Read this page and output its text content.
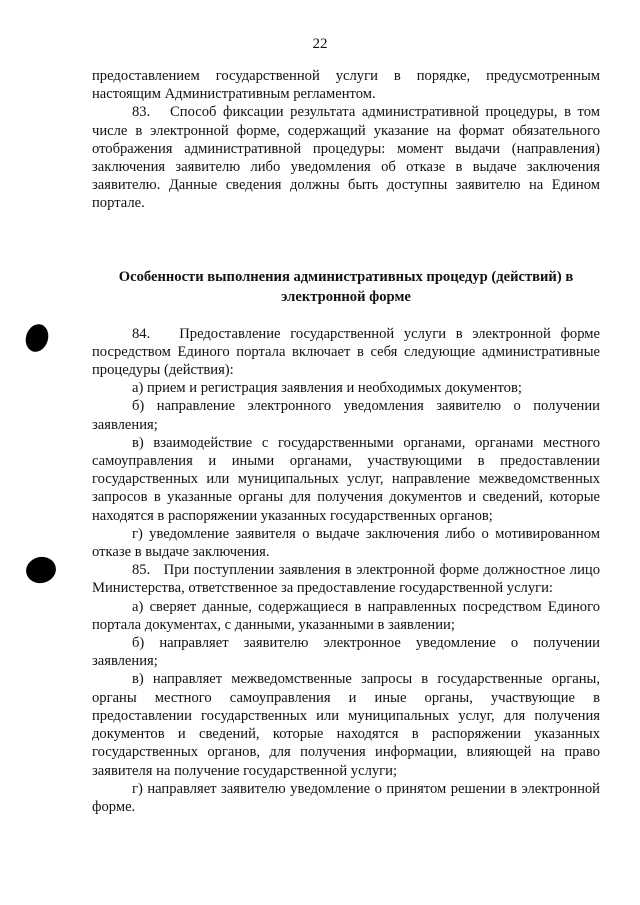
22

предоставлением государственной услуги в порядке, предусмотренным настоящим Административным регламентом.

83.   Способ фиксации результата административной процедуры, в том числе в электронной форме, содержащий указание на формат обязательного отображения административной процедуры: момент выдачи (направления) заключения заявителю либо уведомления об отказе в выдаче заключения заявителю. Данные сведения должны быть доступны заявителю на Едином портале.

Особенности выполнения административных процедур (действий) в электронной форме

84.   Предоставление государственной услуги в электронной форме посредством Единого портала включает в себя следующие административные процедуры (действия):

а) прием и регистрация заявления и необходимых документов;

б) направление электронного уведомления заявителю о получении заявления;

в) взаимодействие с государственными органами, органами местного самоуправления и иными органами, участвующими в предоставлении государственных или муниципальных услуг, направление межведомственных запросов в указанные органы для получения документов и сведений, которые находятся в распоряжении указанных государственных органов;

г) уведомление заявителя о выдаче заключения либо о мотивированном отказе в выдаче заключения.

85.   При поступлении заявления в электронной форме должностное лицо Министерства, ответственное за предоставление государственной услуги:

а) сверяет данные, содержащиеся в направленных посредством Единого портала документах, с данными, указанными в заявлении;

б) направляет заявителю электронное уведомление о получении заявления;

в) направляет межведомственные запросы в государственные органы, органы местного самоуправления и иные органы, участвующие в предоставлении государственных или муниципальных услуг, для получения документов и сведений, которые находятся в распоряжении указанных государственных органов, для получения информации, влияющей на право заявителя на получение государственной услуги;

г) направляет заявителю уведомление о принятом решении в электронной форме.
